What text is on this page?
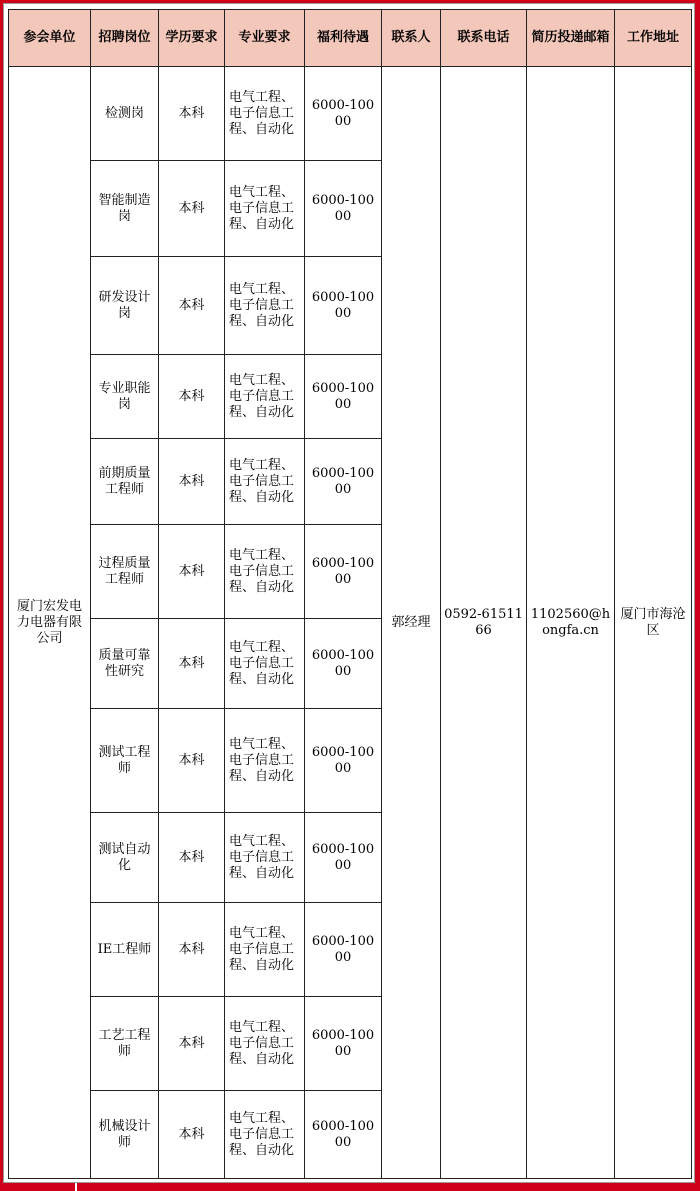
参会单位	招聘岗位	学历要求	专业要求	福利待遇	联系人	联系电话	简历投递邮箱	工作地址
厦门宏发电力电器有限公司	检测岗	本科	电气工程、电子信息工程、自动化	6000-10000	郭经理	0592-6151166	1102560@hongfa.cn	厦门市海沧区
	智能制造岗	本科	电气工程、电子信息工程、自动化	6000-10000				
	研发设计岗	本科	电气工程、电子信息工程、自动化	6000-10000				
	专业职能岗	本科	电气工程、电子信息工程、自动化	6000-10000				
	前期质量工程师	本科	电气工程、电子信息工程、自动化	6000-10000				
	过程质量工程师	本科	电气工程、电子信息工程、自动化	6000-10000				
	质量可靠性研究	本科	电气工程、电子信息工程、自动化	6000-10000				
	测试工程师	本科	电气工程、电子信息工程、自动化	6000-10000				
	测试自动化	本科	电气工程、电子信息工程、自动化	6000-10000				
	IE工程师	本科	电气工程、电子信息工程、自动化	6000-10000				
	工艺工程师	本科	电气工程、电子信息工程、自动化	6000-10000				
	机械设计师	本科	电气工程、电子信息工程、自动化	6000-10000				
